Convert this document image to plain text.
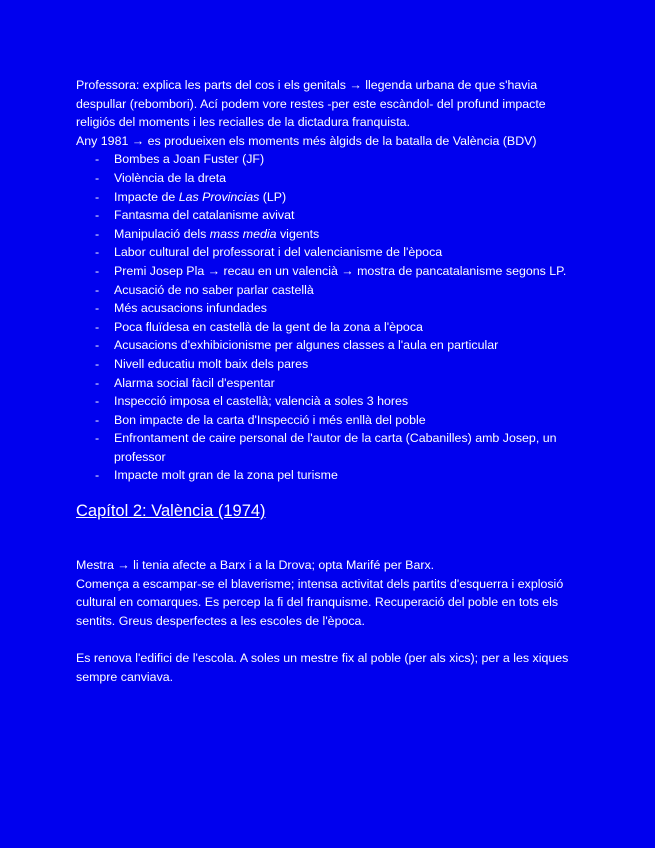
Professora: explica les parts del cos i els genitals → llegenda urbana de que s'havia despullar (rebombori). Ací podem vore restes -per este escàndol- del profund impacte religiós del moments i les recialles de la dictadura franquista.

Any 1981 → es produeixen els moments més àlgids de la batalla de València (BDV)

- Bombes a Joan Fuster (JF)
- Violència de la dreta
- Impacte de Las Provincias (LP)
- Fantasma del catalanisme avivat
- Manipulació dels mass media vigents
- Labor cultural del professorat i del valencianisme de l'època
- Premi Josep Pla → recau en un valencià → mostra de pancatalanisme segons LP.
- Acusació de no saber parlar castellà
- Més acusacions infundades
- Poca fluïdesa en castellà de la gent de la zona a l'època
- Acusacions d'exhibicionisme per algunes classes a l'aula en particular
- Nivell educatiu molt baix dels pares
- Alarma social fàcil d'espentar
- Inspecció imposa el castellà; valencià a soles 3 hores
- Bon impacte de la carta d'Inspecció i més enllà del poble
- Enfrontament de caire personal de l'autor de la carta (Cabanilles) amb Josep, un professor
- Impacte molt gran de la zona pel turisme
Capítol 2: València (1974)

Mestra → li tenia afecte a Barx i a la Drova; opta Marifé per Barx.

Comença a escampar-se el blaverisme; intensa activitat dels partits d'esquerra i explosió cultural en comarques. Es percep la fi del franquisme. Recuperació del poble en tots els sentits. Greus desperfectes a les escoles de l'època.

Es renova l'edifici de l'escola. A soles un mestre fix al poble (per als xics); per a les xiques sempre canviava.
